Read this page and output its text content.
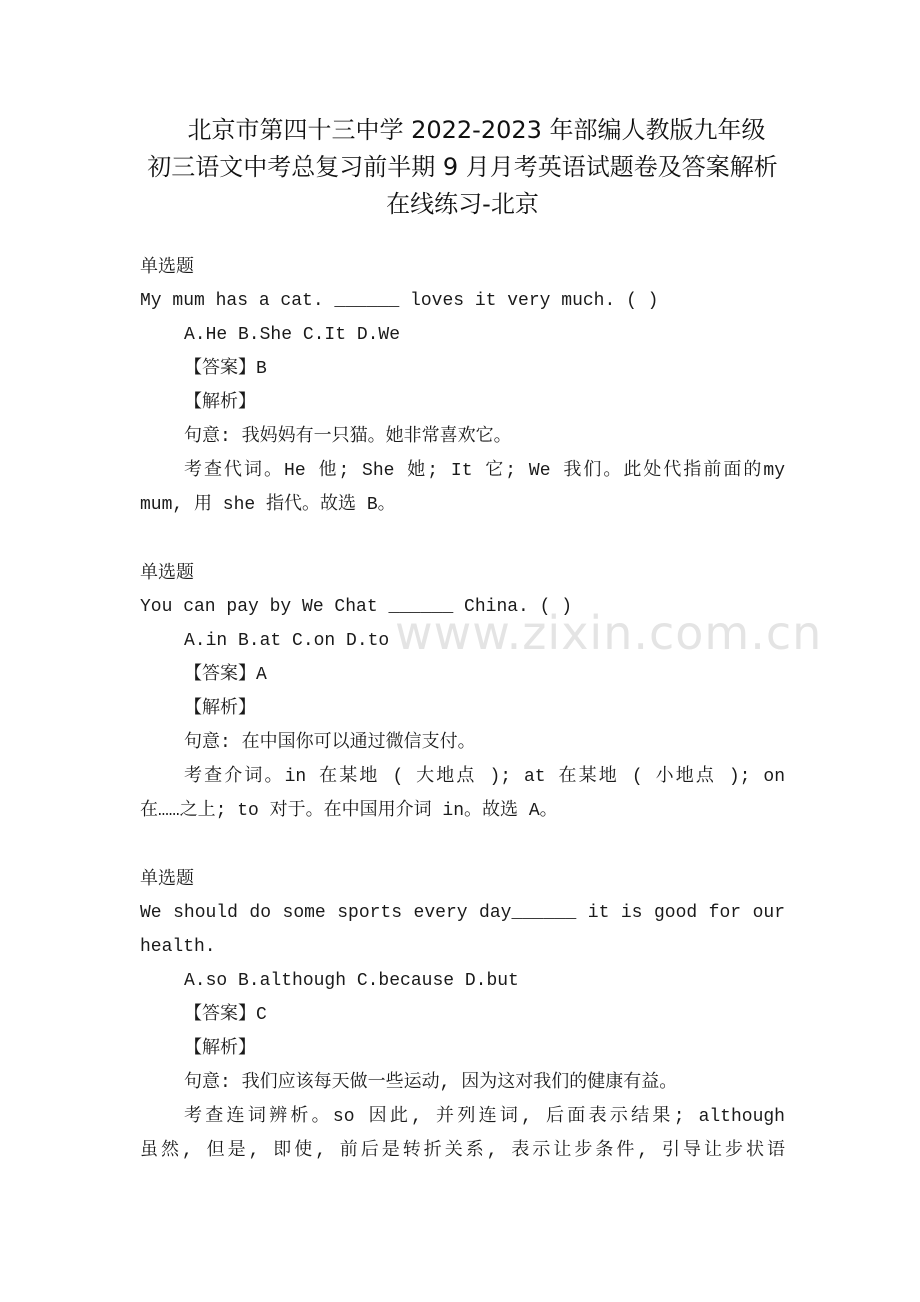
北京市第四十三中学 2022-2023 年部编人教版九年级
初三语文中考总复习前半期 9 月月考英语试题卷及答案解析
在线练习-北京
www.zixin.com.cn
单选题
My mum has a cat. ______ loves it very much. ( )
A.He B.She C.It D.We
【答案】B
【解析】
句意: 我妈妈有一只猫。她非常喜欢它。
考查代词。He 他; She 她; It 它; We 我们。此处代指前面的my
mum, 用 she 指代。故选 B。
单选题
You can pay by We Chat ______ China. ( )
A.in B.at C.on D.to
【答案】A
【解析】
句意: 在中国你可以通过微信支付。
考查介词。in 在某地 ( 大地点 ); at 在某地 ( 小地点 ); on
在……之上; to 对于。在中国用介词 in。故选 A。
单选题
We should do some sports every day______ it is good for our
health.
A.so B.although C.because D.but
【答案】C
【解析】
句意: 我们应该每天做一些运动, 因为这对我们的健康有益。
考查连词辨析。so 因此, 并列连词, 后面表示结果; although
虽然, 但是, 即使, 前后是转折关系, 表示让步条件, 引导让步状语
